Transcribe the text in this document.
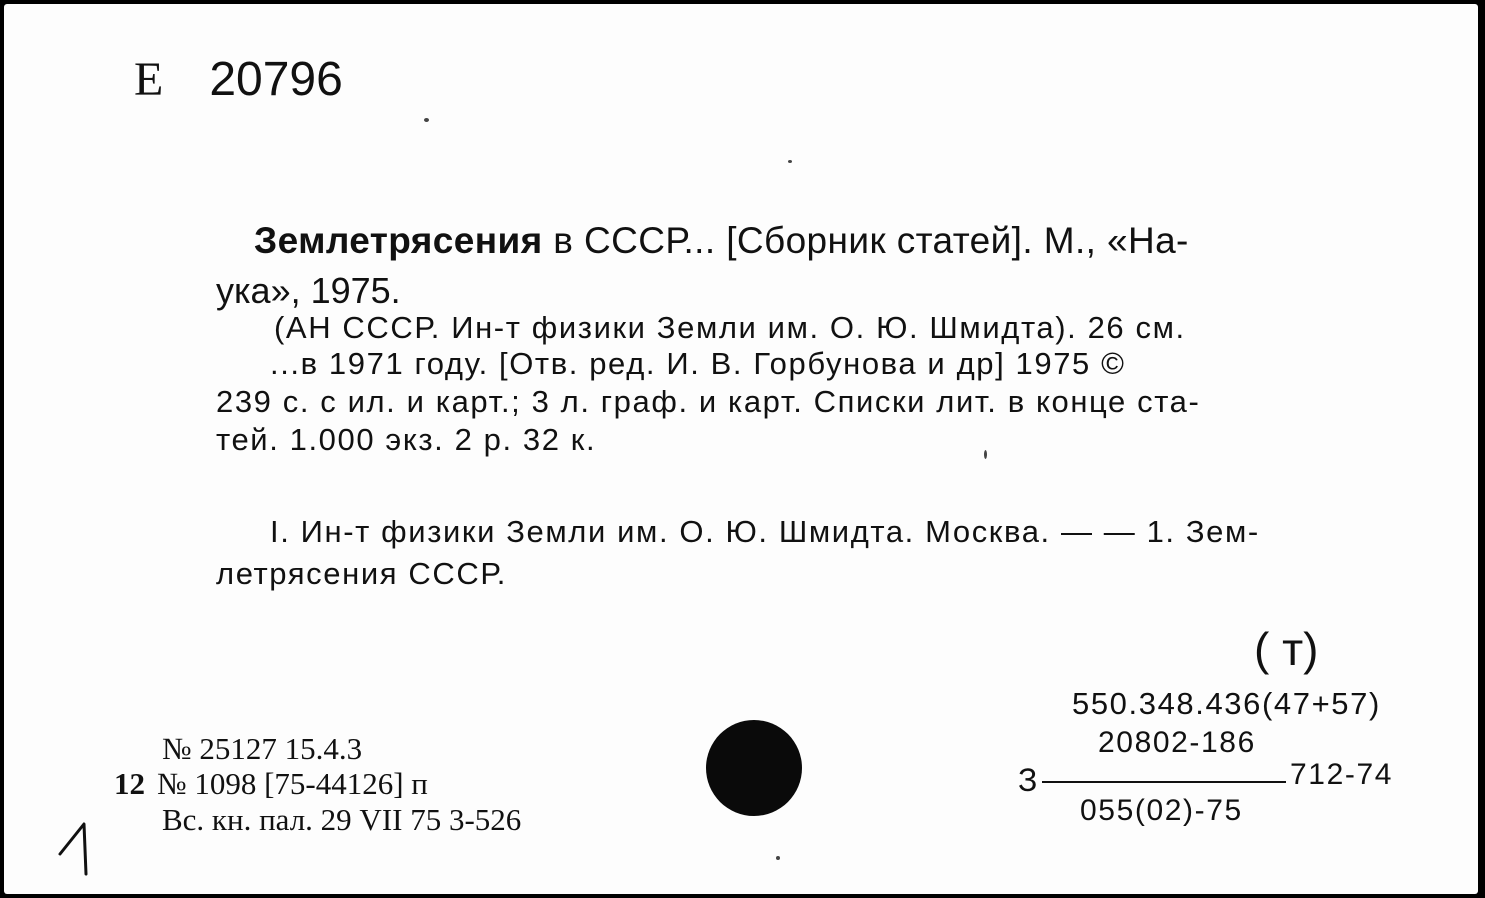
Е 20796
Землетрясения в СССР... [Сборник статей]. М., «На-
ука», 1975.
(АН СССР. Ин-т физики Земли им. О. Ю. Шмидта). 26 см.
...в 1971 году. [Отв. ред. И. В. Горбунова и др] 1975 ©
239 с. с ил. и карт.; 3 л. граф. и карт. Списки лит. в конце ста-
тей. 1.000 экз. 2 р. 32 к.
I. Ин-т физики Земли им. О. Ю. Шмидта. Москва. — — 1. Зем-
летрясения СССР.
( т)
550.348.436(47+57)
З
20802-186
712-74
055(02)-75
№ 25127 15.4.3
12 № 1098 [75-44126] п
Вс. кн. пал. 29 VII 75 3-526
